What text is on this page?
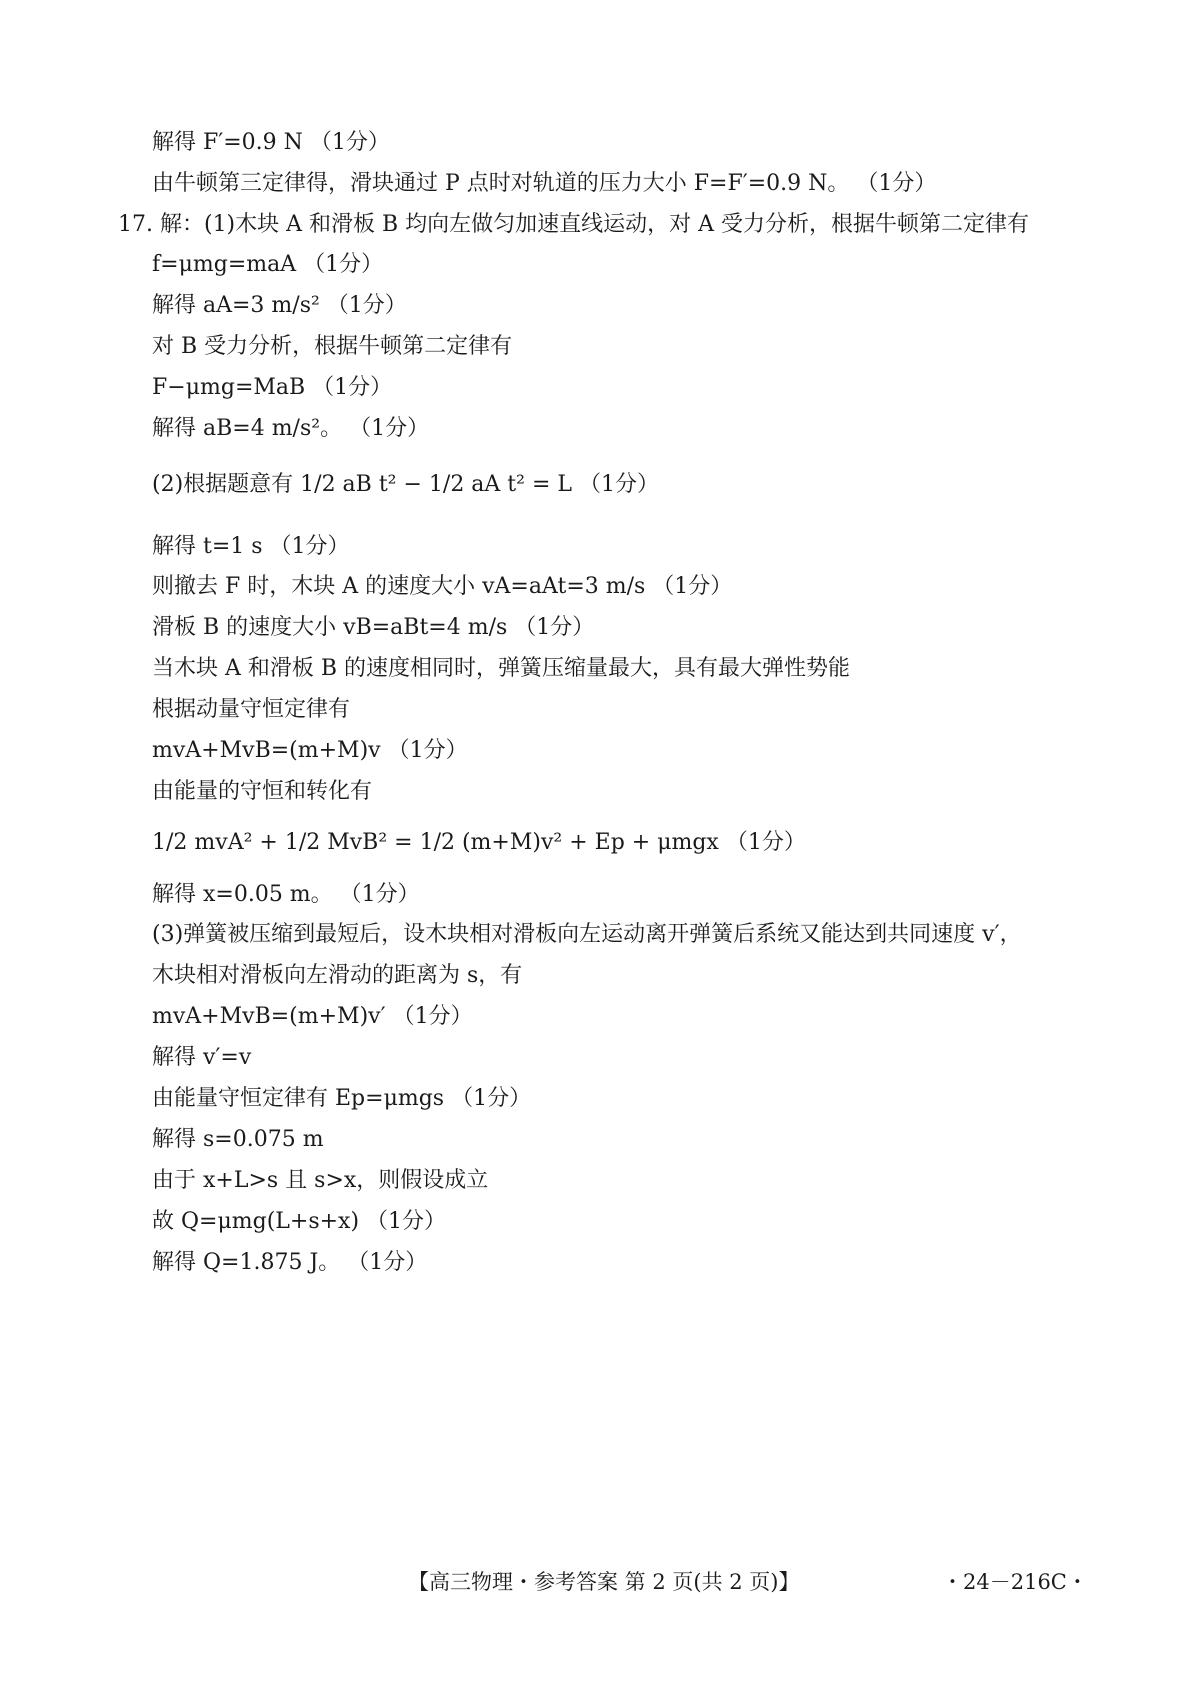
解得 F′=0.9 N （1分）
由牛顿第三定律得，滑块通过 P 点时对轨道的压力大小 F=F′=0.9 N。 （1分）
17. 解：(1)木块 A 和滑板 B 均向左做匀加速直线运动，对 A 受力分析，根据牛顿第二定律有
f=μmg=maA （1分）
解得 aA=3 m/s² （1分）
对 B 受力分析，根据牛顿第二定律有
F−μmg=MaB （1分）
解得 aB=4 m/s²。 （1分）
(2)根据题意有 1/2 aB t² − 1/2 aA t² = L （1分）
解得 t=1 s （1分）
则撤去 F 时，木块 A 的速度大小 vA=aAt=3 m/s （1分）
滑板 B 的速度大小 vB=aBt=4 m/s （1分）
当木块 A 和滑板 B 的速度相同时，弹簧压缩量最大，具有最大弹性势能
根据动量守恒定律有
mvA+MvB=(m+M)v （1分）
由能量的守恒和转化有
1/2 mvA² + 1/2 MvB² = 1/2 (m+M)v² + Ep + μmgx （1分）
解得 x=0.05 m。 （1分）
(3)弹簧被压缩到最短后，设木块相对滑板向左运动离开弹簧后系统又能达到共同速度 v′，
木块相对滑板向左滑动的距离为 s，有
mvA+MvB=(m+M)v′ （1分）
解得 v′=v
由能量守恒定律有 Ep=μmgs （1分）
解得 s=0.075 m
由于 x+L>s 且 s>x，则假设成立
故 Q=μmg(L+s+x) （1分）
解得 Q=1.875 J。 （1分）
【高三物理・参考答案 第 2 页(共 2 页)】	・24－216C・
